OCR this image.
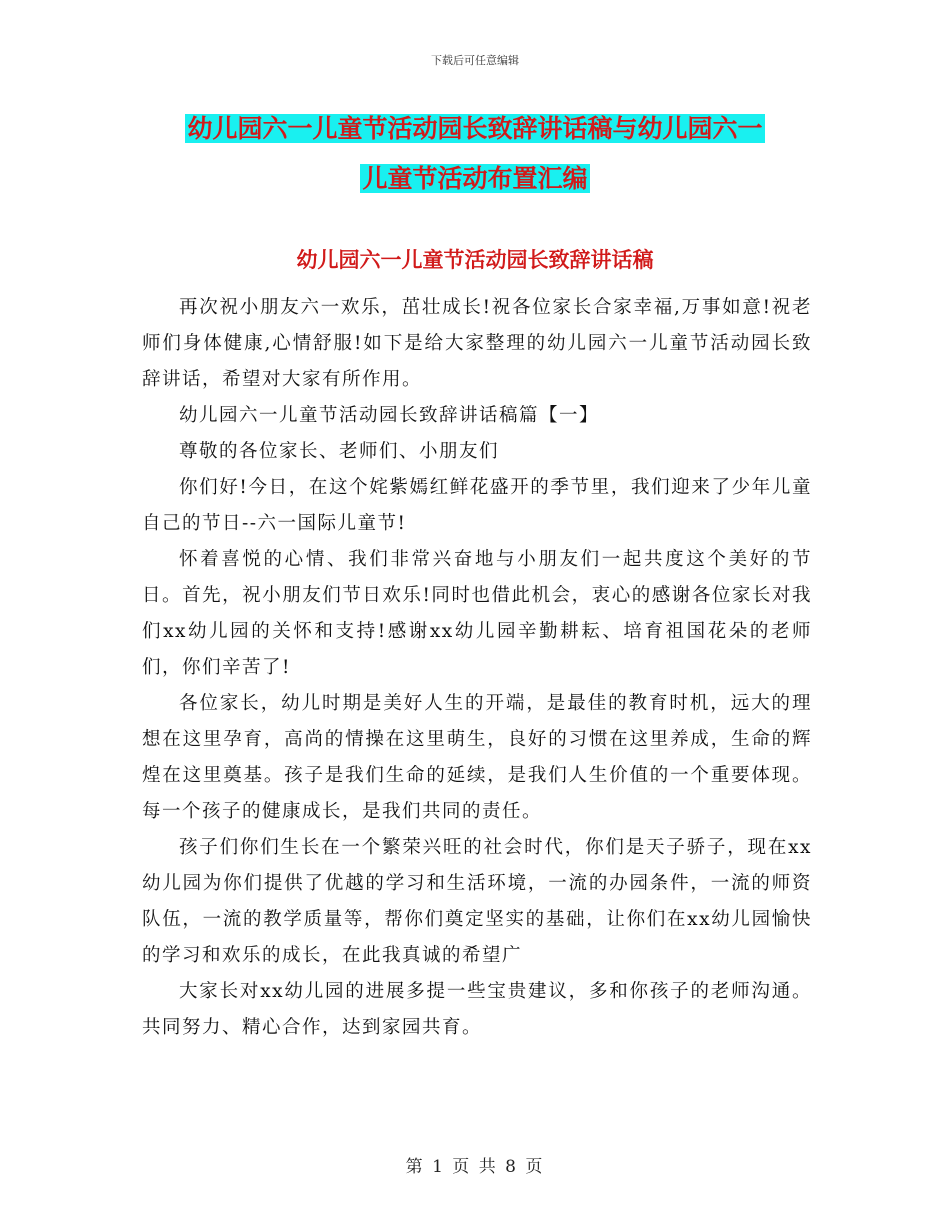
下载后可任意编辑
幼儿园六一儿童节活动园长致辞讲话稿与幼儿园六一
儿童节活动布置汇编
幼儿园六一儿童节活动园长致辞讲话稿

再次祝小朋友六一欢乐，茁壮成长!祝各位家长合家幸福,万事如意!祝老师们身体健康,心情舒服!如下是给大家整理的幼儿园六一儿童节活动园长致辞讲话，希望对大家有所作用。

幼儿园六一儿童节活动园长致辞讲话稿篇【一】

尊敬的各位家长、老师们、小朋友们

你们好!今日，在这个姹紫嫣红鲜花盛开的季节里，我们迎来了少年儿童自己的节日--六一国际儿童节!

怀着喜悦的心情、我们非常兴奋地与小朋友们一起共度这个美好的节日。首先，祝小朋友们节日欢乐!同时也借此机会，衷心的感谢各位家长对我们xx幼儿园的关怀和支持!感谢xx幼儿园辛勤耕耘、培育祖国花朵的老师们，你们辛苦了!

各位家长，幼儿时期是美好人生的开端，是最佳的教育时机，远大的理想在这里孕育，高尚的情操在这里萌生，良好的习惯在这里养成，生命的辉煌在这里奠基。孩子是我们生命的延续，是我们人生价值的一个重要体现。每一个孩子的健康成长，是我们共同的责任。

孩子们你们生长在一个繁荣兴旺的社会时代，你们是天子骄子，现在xx幼儿园为你们提供了优越的学习和生活环境，一流的办园条件，一流的师资队伍，一流的教学质量等，帮你们奠定坚实的基础，让你们在xx幼儿园愉快的学习和欢乐的成长，在此我真诚的希望广

大家长对xx幼儿园的进展多提一些宝贵建议，多和你孩子的老师沟通。共同努力、精心合作，达到家园共育。

第 1 页 共 8 页
